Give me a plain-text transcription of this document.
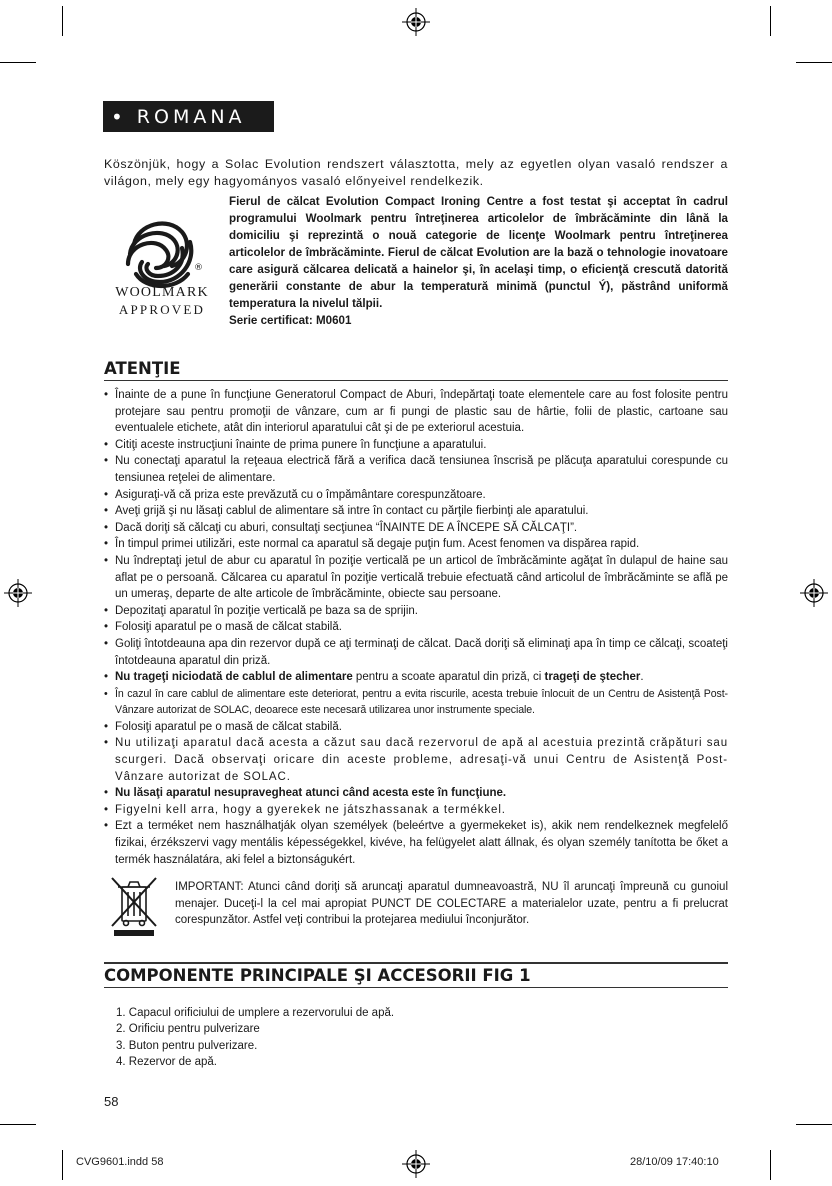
• ROMANA
Köszönjük, hogy a Solac Evolution rendszert választotta, mely az egyetlen olyan vasaló rendszer a világon, mely egy hagyományos vasaló előnyeivel rendelkezik.
®
WOOLMARK
APPROVED

Fierul de călcat Evolution Compact Ironing Centre a fost testat şi acceptat în cadrul programului Woolmark pentru întreţinerea articolelor de îmbrăcăminte din lână la domiciliu şi reprezintă o nouă categorie de licenţe Woolmark pentru întreţinerea articolelor de îmbrăcăminte. Fierul de călcat Evolution are la bază o tehnologie inovatoare care asigură călcarea delicată a hainelor şi, în acelaşi timp, o eficienţă crescută datorită generării constante de abur la temperatură minimă (punctul Ý), păstrând uniformă temperatura la nivelul tălpii.

Serie certificat: M0601

ATENŢIE
• Înainte de a pune în funcţiune Generatorul Compact de Aburi, îndepărtaţi toate elementele care au fost folosite pentru protejare sau pentru promoţii de vânzare, cum ar fi pungi de plastic sau de hârtie, folii de plastic, cartoane sau eventualele etichete, atât din interiorul aparatului cât şi de pe exteriorul acestuia.
• Citiţi aceste instrucţiuni înainte de prima punere în funcţiune a aparatului.
• Nu conectaţi aparatul la reţeaua electrică fără a verifica dacă tensiunea înscrisă pe plăcuţa aparatului corespunde cu tensiunea reţelei de alimentare.
• Asiguraţi-vă că priza este prevăzută cu o împământare corespunzătoare.
• Aveţi grijă şi nu lăsaţi cablul de alimentare să intre în contact cu părţile fierbinţi ale aparatului.
• Dacă doriţi să călcaţi cu aburi, consultaţi secţiunea “ÎNAINTE DE A ÎNCEPE SĂ CĂLCAŢI”.
• În timpul primei utilizări, este normal ca aparatul să degaje puţin fum. Acest fenomen va dispărea rapid.
• Nu îndreptaţi jetul de abur cu aparatul în poziţie verticală pe un articol de îmbrăcăminte agăţat în dulapul de haine sau aflat pe o persoană. Călcarea cu aparatul în poziţie verticală trebuie efectuată când articolul de îmbrăcăminte se află pe un umeraş, departe de alte articole de îmbrăcăminte, obiecte sau persoane.
• Depozitaţi aparatul în poziţie verticală pe baza sa de sprijin.
• Folosiţi aparatul pe o masă de călcat stabilă.
• Goliţi întotdeauna apa din rezervor după ce aţi terminaţi de călcat. Dacă doriţi să eliminaţi apa în timp ce călcaţi, scoateţi întotdeauna aparatul din priză.
• Nu trageţi niciodată de cablul de alimentare pentru a scoate aparatul din priză, ci trageţi de ştecher.
• În cazul în care cablul de alimentare este deteriorat, pentru a evita riscurile, acesta trebuie înlocuit de un Centru de Asistenţă Post-Vânzare autorizat de SOLAC, deoarece este necesară utilizarea unor instrumente speciale.
• Folosiţi aparatul pe o masă de călcat stabilă.
• Nu utilizaţi aparatul dacă acesta a căzut sau dacă rezervorul de apă al acestuia prezintă crăpături sau scurgeri. Dacă observaţi oricare din aceste probleme, adresaţi-vă unui Centru de Asistenţă Post-Vânzare autorizat de SOLAC.
• Nu lăsaţi aparatul nesupravegheat atunci când acesta este în funcţiune.
• Figyelni kell arra, hogy a gyerekek ne játszhassanak a termékkel.
• Ezt a terméket nem használhatják olyan személyek (beleértve a gyermekeket is), akik nem rendelkeznek megfelelő fizikai, érzékszervi vagy mentális képességekkel, kivéve, ha felügyelet alatt állnak, és olyan személy tanította be őket a termék használatára, aki felel a biztonságukért.
IMPORTANT: Atunci când doriţi să aruncaţi aparatul dumneavoastră, NU îl aruncaţi împreună cu gunoiul menajer. Duceţi-l la cel mai apropiat PUNCT DE COLECTARE a materialelor uzate, pentru a fi prelucrat corespunzător. Astfel veţi contribui la protejarea mediului înconjurător.
COMPONENTE PRINCIPALE ŞI ACCESORII FIG 1
1. Capacul orificiului de umplere a rezervorului de apă.
2. Orificiu pentru pulverizare
3. Buton pentru pulverizare.
4. Rezervor de apă.
58
CVG9601.indd 58	28/10/09 17:40:10
